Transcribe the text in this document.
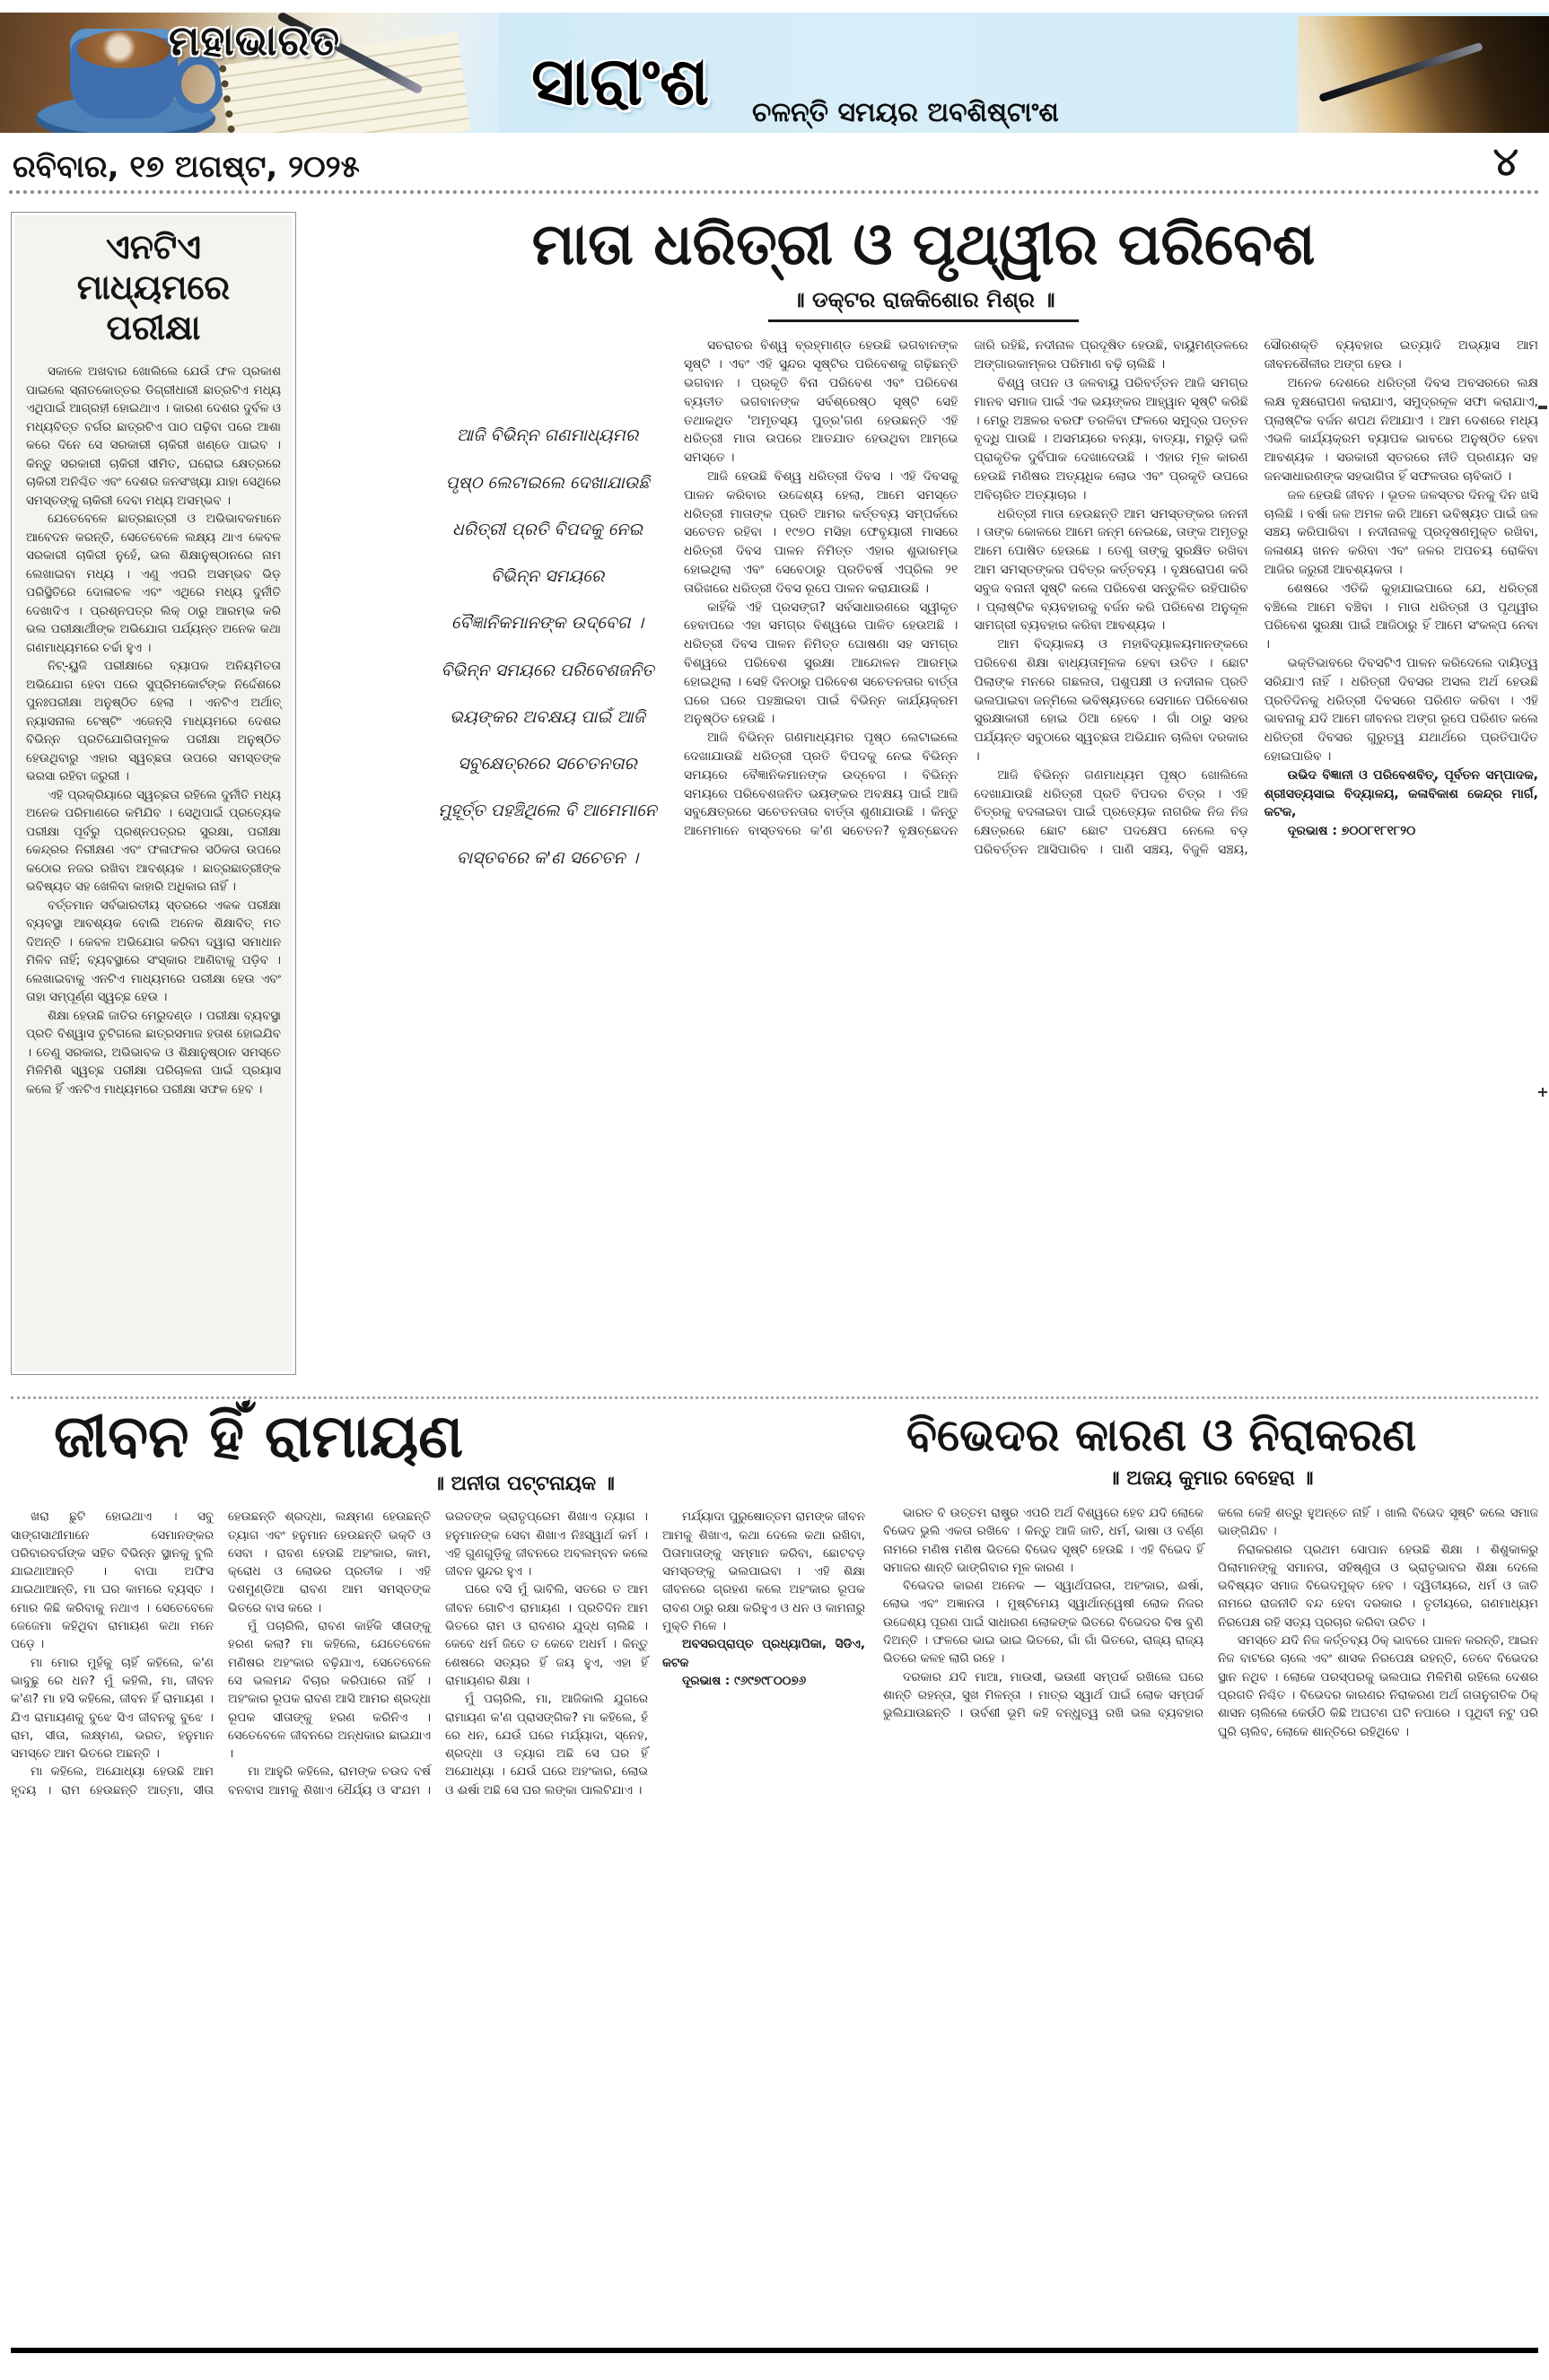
ମହାଭାରତ
ସାରାଂଶ ଚଳନ୍ତି ସମୟର ଅବଶିଷ୍ଟାଂଶ
ରବିବାର, ୧୭ ଅଗଷ୍ଟ, ୨୦୨୫	୪
ଏନଟିଏ ମାଧ୍ୟମରେ ପରୀକ୍ଷା

ସକାଳେ ଅଖବାର ଖୋଲିଲେ ଯେଉଁ ଫଳ ପ୍ରକାଶ ପାଇଲେ ସ୍ନାତକୋତ୍ତର ଡିଗ୍ରୀଧାରୀ ଛାତ୍ରଟିଏ ମଧ୍ୟ ଏଥିପାଇଁ ଆଗ୍ରହୀ ହୋଇଥାଏ । କାରଣ ଦେଶର ଦୁର୍ବଳ ଓ ମଧ୍ୟବିତ୍ତ ବର୍ଗର ଛାତ୍ରଟିଏ ପାଠ ପଢ଼ିବା ପରେ ଆଶା କରେ ଦିନେ ସେ ସରକାରୀ ଚାକିରୀ ଖଣ୍ଡେ ପାଇବ । କିନ୍ତୁ ସରକାରୀ ଚାକିରୀ ସୀମିତ, ଘରୋଇ କ୍ଷେତ୍ରରେ ଚାକିରୀ ଅନିଶ୍ଚିତ ଏବଂ ଦେଶର ଜନସଂଖ୍ୟା ଯାହା ସେଥିରେ ସମସ୍ତଙ୍କୁ ଚାକିରୀ ଦେବା ମଧ୍ୟ ଅସମ୍ଭବ ।

ଯେତେବେଳେ ଛାତ୍ରଛାତ୍ରୀ ଓ ଅଭିଭାବକମାନେ ଆବେଦନ କରନ୍ତି, ସେତେବେଳେ ଲକ୍ଷ୍ୟ ଥାଏ କେବଳ ସରକାରୀ ଚାକିରୀ ନୁହେଁ, ଭଲ ଶିକ୍ଷାନୁଷ୍ଠାନରେ ନାମ ଲେଖାଇବା ମଧ୍ୟ । ଏଣୁ ଏପରି ଅସମ୍ଭବ ଭିଡ଼ ପରିସ୍ଥିତିରେ ଦୋଳାଚଳ ଏବଂ ଏଥିରେ ମଧ୍ୟ ଦୁର୍ନୀତି ଦେଖାଦିଏ । ପ୍ରଶ୍ନପତ୍ର ଲିକ୍ ଠାରୁ ଆରମ୍ଭ କରି ଭଲ ପରୀକ୍ଷାର୍ଥୀଙ୍କ ଅଭିଯୋଗ ପର୍ଯ୍ୟନ୍ତ ଅନେକ କଥା ଗଣମାଧ୍ୟମରେ ଚର୍ଚ୍ଚା ହୁଏ ।

ନିଟ୍-ୟୁଜି ପରୀକ୍ଷାରେ ବ୍ୟାପକ ଅନିୟମିତତା ଅଭିଯୋଗ ହେବା ପରେ ସୁପ୍ରିମକୋର୍ଟଙ୍କ ନିର୍ଦ୍ଦେଶରେ ପୁନଃପରୀକ୍ଷା ଅନୁଷ୍ଠିତ ହେଲା । ଏନଟିଏ ଅର୍ଥାତ୍ ନ୍ୟାସନାଲ ଟେଷ୍ଟିଂ ଏଜେନ୍ସି ମାଧ୍ୟମରେ ଦେଶର ବିଭିନ୍ନ ପ୍ରତିଯୋଗିତାମୂଳକ ପରୀକ୍ଷା ଅନୁଷ୍ଠିତ ହେଉଥିବାରୁ ଏହାର ସ୍ୱଚ୍ଛତା ଉପରେ ସମସ୍ତଙ୍କ ଭରସା ରହିବା ଜରୁରୀ ।

ଏହି ପ୍ରକ୍ରିୟାରେ ସ୍ୱଚ୍ଛତା ରହିଲେ ଦୁର୍ନୀତି ମଧ୍ୟ ଅନେକ ପରିମାଣରେ କମିଯିବ । ସେଥିପାଇଁ ପ୍ରତ୍ୟେକ ପରୀକ୍ଷା ପୂର୍ବରୁ ପ୍ରଶ୍ନପତ୍ରର ସୁରକ୍ଷା, ପରୀକ୍ଷା କେନ୍ଦ୍ରର ନିରୀକ୍ଷଣ ଏବଂ ଫଳାଫଳର ସଠିକତା ଉପରେ କଠୋର ନଜର ରଖିବା ଆବଶ୍ୟକ । ଛାତ୍ରଛାତ୍ରୀଙ୍କ ଭବିଷ୍ୟତ ସହ ଖେଳିବା କାହାରି ଅଧିକାର ନାହିଁ ।

ବର୍ତ୍ତମାନ ସର୍ବଭାରତୀୟ ସ୍ତରରେ ଏକକ ପରୀକ୍ଷା ବ୍ୟବସ୍ଥା ଆବଶ୍ୟକ ବୋଲି ଅନେକ ଶିକ୍ଷାବିତ୍ ମତ ଦିଅନ୍ତି । କେବଳ ଅଭିଯୋଗ କରିବା ଦ୍ୱାରା ସମାଧାନ ମିଳିବ ନାହିଁ; ବ୍ୟବସ୍ଥାରେ ସଂସ୍କାର ଆଣିବାକୁ ପଡ଼ିବ । ଲେଖାଇବାକୁ ଏନଟିଏ ମାଧ୍ୟମରେ ପରୀକ୍ଷା ହେଉ ଏବଂ ତାହା ସମ୍ପୂର୍ଣ୍ଣ ସ୍ୱଚ୍ଛ ହେଉ ।

ଶିକ୍ଷା ହେଉଛି ଜାତିର ମେରୁଦଣ୍ଡ । ପରୀକ୍ଷା ବ୍ୟବସ୍ଥା ପ୍ରତି ବିଶ୍ୱାସ ତୁଟିଗଲେ ଛାତ୍ରସମାଜ ହତାଶ ହୋଇଯିବ । ତେଣୁ ସରକାର, ଅଭିଭାବକ ଓ ଶିକ୍ଷାନୁଷ୍ଠାନ ସମସ୍ତେ ମିଳିମିଶି ସ୍ୱଚ୍ଛ ପରୀକ୍ଷା ପରିଚାଳନା ପାଇଁ ପ୍ରୟାସ କଲେ ହିଁ ଏନଟିଏ ମାଧ୍ୟମରେ ପରୀକ୍ଷା ସଫଳ ହେବ ।

ମାତା ଧରିତ୍ରୀ ଓ ପୃଥ୍ୱୀର ପରିବେଶ
॥ ଡକ୍ଟର ରାଜକିଶୋର ମିଶ୍ର ॥
ଆଜି ବିଭିନ୍ନ ଗଣମାଧ୍ୟମର ପୃଷ୍ଠ ଲେଟାଇଲେ ଦେଖାଯାଉଛି ଧରିତ୍ରୀ ପ୍ରତି ବିପଦକୁ ନେଇ ବିଭିନ୍ନ ସମୟରେ ବୈଜ୍ଞାନିକମାନଙ୍କ ଉଦ୍ବେଗ । ବିଭିନ୍ନ ସମୟରେ ପରିବେଶଜନିତ ଭୟଙ୍କର ଅବକ୍ଷୟ ପାଇଁ ଆଜି ସବୁକ୍ଷେତ୍ରରେ ସଚେତନତାର ମୁହୂର୍ତ୍ତ ପହଞ୍ଚିଥିଲେ ବି ଆମେମାନେ ବାସ୍ତବରେ କ'ଣ ସଚେତନ ।

ସଚରାଚର ବିଶ୍ୱ ବ୍ରହ୍ମାଣ୍ଡ ହେଉଛି ଭଗବାନଙ୍କ ସୃଷ୍ଟି । ଏବଂ ଏହି ସୁନ୍ଦର ସୃଷ୍ଟିର ପରିବେଶକୁ ଗଢ଼ିଛନ୍ତି ଭଗବାନ । ପ୍ରକୃତି ବିନା ପରିବେଶ ଏବଂ ପରିବେଶ ବ୍ୟତୀତ ଭଗବାନଙ୍କ ସର୍ବଶ୍ରେଷ୍ଠ ସୃଷ୍ଟି ସେହି ତଥାକଥିତ 'ଅମୃତସ୍ୟ ପୁତ୍ର'ଗଣ ହେଉଛନ୍ତି ଏହି ଧରିତ୍ରୀ ମାତା ଉପରେ ଆତଯାତ ହେଉଥିବା ଆମ୍ଭେ ସମସ୍ତେ ।

ଆଜି ହେଉଛି ବିଶ୍ୱ ଧରିତ୍ରୀ ଦିବସ । ଏହି ଦିବସକୁ ପାଳନ କରିବାର ଉଦ୍ଦେଶ୍ୟ ହେଲା, ଆମେ ସମସ୍ତେ ଧରିତ୍ରୀ ମାତାଙ୍କ ପ୍ରତି ଆମର କର୍ତ୍ତବ୍ୟ ସମ୍ପର୍କରେ ସଚେତନ ରହିବା । ୧୯୭୦ ମସିହା ଫେବୃୟାରୀ ମାସରେ ଧରିତ୍ରୀ ଦିବସ ପାଳନ ନିମିତ୍ତ ଏହାର ଶୁଭାରମ୍ଭ ହୋଇଥିଲା ଏବଂ ସେବେଠାରୁ ପ୍ରତିବର୍ଷ ଏପ୍ରିଲ ୨୧ ତାରିଖରେ ଧରିତ୍ରୀ ଦିବସ ରୂପେ ପାଳନ କରାଯାଉଛି ।

କାହିଁକି ଏହି ପ୍ରସଙ୍ଗ? ସର୍ବସାଧାରଣରେ ସ୍ୱୀକୃତ ହେବାପରେ ଏହା ସମଗ୍ର ବିଶ୍ୱରେ ପାଳିତ ହେଉଅଛି । ଧରିତ୍ରୀ ଦିବସ ପାଳନ ନିମିତ୍ତ ଘୋଷଣା ସହ ସମଗ୍ର ବିଶ୍ୱରେ ପରିବେଶ ସୁରକ୍ଷା ଆନ୍ଦୋଳନ ଆରମ୍ଭ ହୋଇଥିଲା । ସେହି ଦିନଠାରୁ ପରିବେଶ ସଚେତନତାର ବାର୍ତ୍ତା ଘରେ ଘରେ ପହଞ୍ଚାଇବା ପାଇଁ ବିଭିନ୍ନ କାର୍ଯ୍ୟକ୍ରମ ଅନୁଷ୍ଠିତ ହେଉଛି ।

ଆଜି ବିଭିନ୍ନ ଗଣମାଧ୍ୟମର ପୃଷ୍ଠ ଲେଟାଇଲେ ଦେଖାଯାଉଛି ଧରିତ୍ରୀ ପ୍ରତି ବିପଦକୁ ନେଇ ବିଭିନ୍ନ ସମୟରେ ବୈଜ୍ଞାନିକମାନଙ୍କ ଉଦ୍ବେଗ । ବିଭିନ୍ନ ସମୟରେ ପରିବେଶଜନିତ ଭୟଙ୍କର ଅବକ୍ଷୟ ପାଇଁ ଆଜି ସବୁକ୍ଷେତ୍ରରେ ସଚେତନତାର ବାର୍ତ୍ତା ଶୁଣାଯାଉଛି । କିନ୍ତୁ ଆମେମାନେ ବାସ୍ତବରେ କ'ଣ ସଚେତନ? ବୃକ୍ଷଚ୍ଛେଦନ ଜାରି ରହିଛି, ନଦୀନାଳ ପ୍ରଦୂଷିତ ହେଉଛି, ବାୟୁମଣ୍ଡଳରେ ଅଙ୍ଗାରକାମ୍ଳର ପରିମାଣ ବଢ଼ି ଚାଲିଛି ।

ବିଶ୍ୱ ତାପନ ଓ ଜଳବାୟୁ ପରିବର୍ତ୍ତନ ଆଜି ସମଗ୍ର ମାନବ ସମାଜ ପାଇଁ ଏକ ଭୟଙ୍କର ଆହ୍ୱାନ ସୃଷ୍ଟି କରିଛି । ମେରୁ ଅଞ୍ଚଳର ବରଫ ତରଳିବା ଫଳରେ ସମୁଦ୍ର ପତ୍ତନ ବୃଦ୍ଧି ପାଉଛି । ଅସମୟରେ ବନ୍ୟା, ବାତ୍ୟା, ମରୁଡ଼ି ଭଳି ପ୍ରାକୃତିକ ଦୁର୍ବିପାକ ଦେଖାଦେଉଛି । ଏହାର ମୂଳ କାରଣ ହେଉଛି ମଣିଷର ଅତ୍ୟଧିକ ଲୋଭ ଏବଂ ପ୍ରକୃତି ଉପରେ ଅବିଚାରିତ ଅତ୍ୟାଚାର ।

ଧରିତ୍ରୀ ମାତା ହେଉଛନ୍ତି ଆମ ସମସ୍ତଙ୍କର ଜନନୀ । ତାଙ୍କ କୋଳରେ ଆମେ ଜନ୍ମ ନେଇଛେ, ତାଙ୍କ ଅମୃତରୁ ଆମେ ପୋଷିତ ହେଉଛେ । ତେଣୁ ତାଙ୍କୁ ସୁରକ୍ଷିତ ରଖିବା ଆମ ସମସ୍ତଙ୍କର ପବିତ୍ର କର୍ତ୍ତବ୍ୟ । ବୃକ୍ଷରୋପଣ କରି ସବୁଜ ବନାନୀ ସୃଷ୍ଟି କଲେ ପରିବେଶ ସନ୍ତୁଳିତ ରହିପାରିବ । ପ୍ଲାଷ୍ଟିକ ବ୍ୟବହାରକୁ ବର୍ଜନ କରି ପରିବେଶ ଅନୁକୂଳ ସାମଗ୍ରୀ ବ୍ୟବହାର କରିବା ଆବଶ୍ୟକ ।

ଆମ ବିଦ୍ୟାଳୟ ଓ ମହାବିଦ୍ୟାଳୟମାନଙ୍କରେ ପରିବେଶ ଶିକ୍ଷା ବାଧ୍ୟତାମୂଳକ ହେବା ଉଚିତ । ଛୋଟ ପିଲାଙ୍କ ମନରେ ଗଛଲତା, ପଶୁପକ୍ଷୀ ଓ ନଦୀନାଳ ପ୍ରତି ଭଲପାଇବା ଜନ୍ମିଲେ ଭବିଷ୍ୟତରେ ସେମାନେ ପରିବେଶର ସୁରକ୍ଷାକାରୀ ହୋଇ ଠିଆ ହେବେ । ଗାଁ ଠାରୁ ସହର ପର୍ଯ୍ୟନ୍ତ ସବୁଠାରେ ସ୍ୱଚ୍ଛତା ଅଭିଯାନ ଚାଲିବା ଦରକାର ।

ଆଜି ବିଭିନ୍ନ ଗଣମାଧ୍ୟମ ପୃଷ୍ଠ ଖୋଲିଲେ ଦେଖାଯାଉଛି ଧରିତ୍ରୀ ପ୍ରତି ବିପଦର ଚିତ୍ର । ଏହି ଚିତ୍ରକୁ ବଦଳାଇବା ପାଇଁ ପ୍ରତ୍ୟେକ ନାଗରିକ ନିଜ ନିଜ କ୍ଷେତ୍ରରେ ଛୋଟ ଛୋଟ ପଦକ୍ଷେପ ନେଲେ ବଡ଼ ପରିବର୍ତ୍ତନ ଆସିପାରିବ । ପାଣି ସଞ୍ଚୟ, ବିଜୁଳି ସଞ୍ଚୟ, ସୌରଶକ୍ତି ବ୍ୟବହାର ଇତ୍ୟାଦି ଅଭ୍ୟାସ ଆମ ଜୀବନଶୈଳୀର ଅଙ୍ଗ ହେଉ ।

ଅନେକ ଦେଶରେ ଧରିତ୍ରୀ ଦିବସ ଅବସରରେ ଲକ୍ଷ ଲକ୍ଷ ବୃକ୍ଷରୋପଣ କରାଯାଏ, ସମୁଦ୍ରକୂଳ ସଫା କରାଯାଏ, ପ୍ଲାଷ୍ଟିକ ବର୍ଜନ ଶପଥ ନିଆଯାଏ । ଆମ ଦେଶରେ ମଧ୍ୟ ଏଭଳି କାର୍ଯ୍ୟକ୍ରମ ବ୍ୟାପକ ଭାବରେ ଅନୁଷ୍ଠିତ ହେବା ଆବଶ୍ୟକ । ସରକାରୀ ସ୍ତରରେ ନୀତି ପ୍ରଣୟନ ସହ ଜନସାଧାରଣଙ୍କ ସହଭାଗିତା ହିଁ ସଫଳତାର ଚାବିକାଠି ।

ଜଳ ହେଉଛି ଜୀବନ । ଭୂତଳ ଜଳସ୍ତର ଦିନକୁ ଦିନ ଖସି ଚାଲିଛି । ବର୍ଷା ଜଳ ଅମଳ କରି ଆମେ ଭବିଷ୍ୟତ ପାଇଁ ଜଳ ସଞ୍ଚୟ କରିପାରିବା । ନଦୀନାଳକୁ ପ୍ରଦୂଷଣମୁକ୍ତ ରଖିବା, ଜଳାଶୟ ଖନନ କରିବା ଏବଂ ଜଳର ଅପଚୟ ରୋକିବା ଆଜିର ଜରୁରୀ ଆବଶ୍ୟକତା ।

ଶେଷରେ ଏତିକି କୁହାଯାଇପାରେ ଯେ, ଧରିତ୍ରୀ ବଞ୍ଚିଲେ ଆମେ ବଞ୍ଚିବା । ମାତା ଧରିତ୍ରୀ ଓ ପୃଥ୍ୱୀର ପରିବେଶ ସୁରକ୍ଷା ପାଇଁ ଆଜିଠାରୁ ହିଁ ଆମେ ସଂକଳ୍ପ ନେବା ।

ଭକ୍ତିଭାବରେ ଦିବସଟିଏ ପାଳନ କରିଦେଲେ ଦାୟିତ୍ୱ ସରିଯାଏ ନାହିଁ । ଧରିତ୍ରୀ ଦିବସର ଅସଲ ଅର୍ଥ ହେଉଛି ପ୍ରତିଦିନକୁ ଧରିତ୍ରୀ ଦିବସରେ ପରିଣତ କରିବା । ଏହି ଭାବନାକୁ ଯଦି ଆମେ ଜୀବନର ଅଙ୍ଗ ରୂପେ ପରିଣତ କଲେ ଧରିତ୍ରୀ ଦିବସର ଗୁରୁତ୍ୱ ଯଥାର୍ଥରେ ପ୍ରତିପାଦିତ ହୋଇପାରିବ ।

ଉଭିଦ ବିଜ୍ଞାନୀ ଓ ପରିବେଶବିତ୍, ପୂର୍ବତନ ସମ୍ପାଦକ, ଶ୍ରୀସତ୍ୟସାଇ ବିଦ୍ୟାଳୟ, କଳାବିକାଶ କେନ୍ଦ୍ର ମାର୍ଗ, କଟକ,

ଦୂରଭାଷ : ୭୦୦୮୧୮୧୮୨୦

ଜୀବନ ହିଁ ରାମାୟଣ
॥ ଅନୀତା ପଟ୍ଟନାୟକ ॥

ଖରା ଛୁଟି ହୋଇଥାଏ । ସବୁ ସାଙ୍ଗସାଥୀମାନେ ସେମାନଙ୍କର ପରିବାରବର୍ଗଙ୍କ ସହିତ ବିଭିନ୍ନ ସ୍ଥାନକୁ ବୁଲି ଯାଇଥାଆନ୍ତି । ବାପା ଅଫିସ ଯାଇଥାଆନ୍ତି, ମା ଘର କାମରେ ବ୍ୟସ୍ତ । ମୋର କିଛି କରିବାକୁ ନଥାଏ । ସେତେବେଳେ ଜେଜେମା କହିଥିବା ରାମାୟଣ କଥା ମନେ ପଡ଼େ ।

ମା ମୋର ମୁହଁକୁ ଚାହିଁ କହିଲେ, କ'ଣ ଭାବୁଛୁ ରେ ଧନ? ମୁଁ କହିଲି, ମା, ଜୀବନ କ'ଣ? ମା ହସି କହିଲେ, ଜୀବନ ହିଁ ରାମାୟଣ । ଯିଏ ରାମାୟଣକୁ ବୁଝେ ସିଏ ଜୀବନକୁ ବୁଝେ । ରାମ, ସୀତା, ଲକ୍ଷ୍ମଣ, ଭରତ, ହନୁମାନ ସମସ୍ତେ ଆମ ଭିତରେ ଅଛନ୍ତି ।

ମା କହିଲେ, ଅଯୋଧ୍ୟା ହେଉଛି ଆମ ହୃଦୟ । ରାମ ହେଉଛନ୍ତି ଆତ୍ମା, ସୀତା ହେଉଛନ୍ତି ଶ୍ରଦ୍ଧା, ଲକ୍ଷ୍ମଣ ହେଉଛନ୍ତି ତ୍ୟାଗ ଏବଂ ହନୁମାନ ହେଉଛନ୍ତି ଭକ୍ତି ଓ ସେବା । ରାବଣ ହେଉଛି ଅହଂକାର, କାମ, କ୍ରୋଧ ଓ ଲୋଭର ପ୍ରତୀକ । ଏହି ଦଶମୁଣ୍ଡିଆ ରାବଣ ଆମ ସମସ୍ତଙ୍କ ଭିତରେ ବାସ କରେ ।

ମୁଁ ପଚାରିଲି, ରାବଣ କାହିଁକି ସୀତାଙ୍କୁ ହରଣ କଲା? ମା କହିଲେ, ଯେତେବେଳେ ମଣିଷର ଅହଂକାର ବଢ଼ିଯାଏ, ସେତେବେଳେ ସେ ଭଲମନ୍ଦ ବିଚାର କରିପାରେ ନାହିଁ । ଅହଂକାର ରୂପକ ରାବଣ ଆସି ଆମର ଶ୍ରଦ୍ଧା ରୂପକ ସୀତାଙ୍କୁ ହରଣ କରିନିଏ । ସେତେବେଳେ ଜୀବନରେ ଅନ୍ଧକାର ଛାଇଯାଏ ।

ମା ଆହୁରି କହିଲେ, ରାମଙ୍କ ଚଉଦ ବର୍ଷ ବନବାସ ଆମକୁ ଶିଖାଏ ଧୈର୍ଯ୍ୟ ଓ ସଂଯମ । ଭରତଙ୍କ ଭ୍ରାତୃପ୍ରେମ ଶିଖାଏ ତ୍ୟାଗ । ହନୁମାନଙ୍କ ସେବା ଶିଖାଏ ନିଃସ୍ୱାର୍ଥ କର୍ମ । ଏହି ଗୁଣଗୁଡ଼ିକୁ ଜୀବନରେ ଅବଲମ୍ବନ କଲେ ଜୀବନ ସୁନ୍ଦର ହୁଏ ।

ଘରେ ବସି ମୁଁ ଭାବିଲି, ସତରେ ତ ଆମ ଜୀବନ ଗୋଟିଏ ରାମାୟଣ । ପ୍ରତିଦିନ ଆମ ଭିତରେ ରାମ ଓ ରାବଣର ଯୁଦ୍ଧ ଚାଲିଛି । କେବେ ଧର୍ମ ଜିତେ ତ କେବେ ଅଧର୍ମ । କିନ୍ତୁ ଶେଷରେ ସତ୍ୟର ହିଁ ଜୟ ହୁଏ, ଏହା ହିଁ ରାମାୟଣର ଶିକ୍ଷା ।

ମୁଁ ପଚାରିଲି, ମା, ଆଜିକାଲି ଯୁଗରେ ରାମାୟଣ କ'ଣ ପ୍ରାସଙ୍ଗିକ? ମା କହିଲେ, ହଁ ରେ ଧନ, ଯେଉଁ ଘରେ ମର୍ଯ୍ୟାଦା, ସ୍ନେହ, ଶ୍ରଦ୍ଧା ଓ ତ୍ୟାଗ ଅଛି ସେ ଘର ହିଁ ଅଯୋଧ୍ୟା । ଯେଉଁ ଘରେ ଅହଂକାର, ଲୋଭ ଓ ଈର୍ଷା ଅଛି ସେ ଘର ଲଙ୍କା ପାଲଟିଯାଏ ।

ମର୍ଯ୍ୟାଦା ପୁରୁଷୋତ୍ତମ ରାମଙ୍କ ଜୀବନ ଆମକୁ ଶିଖାଏ, କଥା ଦେଲେ କଥା ରଖିବା, ପିତାମାତାଙ୍କୁ ସମ୍ମାନ କରିବା, ଛୋଟବଡ଼ ସମସ୍ତଙ୍କୁ ଭଲପାଇବା । ଏହି ଶିକ୍ଷା ଜୀବନରେ ଗ୍ରହଣ କଲେ ଅହଂକାର ରୂପକ ରାବଣ ଠାରୁ ରକ୍ଷା କରିହୁଏ ଓ ଧନ ଓ କାମନାରୁ ମୁକ୍ତି ମିଳେ ।

ଅବସରପ୍ରାପ୍ତ ପ୍ରଧ୍ୟାପିକା, ସିଡିଏ, କଟକ

ଦୂରଭାଷ : ୯୬୯୭୯୮୦୦୭୬

ବିଭେଦର କାରଣ ଓ ନିରାକରଣ
॥ ଅଜୟ କୁମାର ବେହେରା ॥

ଭାରତ ବି ଉତ୍ତମ ରାଷ୍ଟ୍ର ଏପରି ଅର୍ଥ ବିଶ୍ୱରେ ହେବ ଯଦି ଲୋକେ ବିଭେଦ ଭୁଲି ଏକତା ରଖିବେ । କିନ୍ତୁ ଆଜି ଜାତି, ଧର୍ମ, ଭାଷା ଓ ବର୍ଣ୍ଣ ନାମରେ ମଣିଷ ମଣିଷ ଭିତରେ ବିଭେଦ ସୃଷ୍ଟି ହେଉଛି । ଏହି ବିଭେଦ ହିଁ ସମାଜର ଶାନ୍ତି ଭାଙ୍ଗିବାର ମୂଳ କାରଣ ।

ବିଭେଦର କାରଣ ଅନେକ — ସ୍ୱାର୍ଥପରତା, ଅହଂକାର, ଈର୍ଷା, ଲୋଭ ଏବଂ ଅଜ୍ଞାନତା । ମୁଷ୍ଟିମେୟ ସ୍ୱାର୍ଥାନ୍ୱେଷୀ ଲୋକ ନିଜର ଉଦ୍ଦେଶ୍ୟ ପୂରଣ ପାଇଁ ସାଧାରଣ ଲୋକଙ୍କ ଭିତରେ ବିଭେଦର ବିଷ ବୁଣି ଦିଅନ୍ତି । ଫଳରେ ଭାଇ ଭାଇ ଭିତରେ, ଗାଁ ଗାଁ ଭିତରେ, ରାଜ୍ୟ ରାଜ୍ୟ ଭିତରେ କଳହ ଲାଗି ରହେ ।

ଦରକାର ଯଦି ମାଆ, ମାଉସୀ, ଭଉଣୀ ସମ୍ପର୍କ ରଖିଲେ ଘରେ ଶାନ୍ତି ରହନ୍ତା, ସୁଖ ମିଳନ୍ତା । ମାତ୍ର ସ୍ୱାର୍ଥ ପାଇଁ ଲୋକ ସମ୍ପର୍କ ଭୁଲିଯାଉଛନ୍ତି । ଉର୍ବଶୀ ଭୂମି କହି ବନ୍ଧୁତ୍ୱ ରଖି ଭଲ ବ୍ୟବହାର କଲେ କେହି ଶତ୍ରୁ ହୁଅନ୍ତେ ନାହିଁ । ଖାଲି ବିଭେଦ ସୃଷ୍ଟି କଲେ ସମାଜ ଭାଙ୍ଗିଯିବ ।

ନିରାକରଣର ପ୍ରଥମ ସୋପାନ ହେଉଛି ଶିକ୍ଷା । ଶିଶୁକାଳରୁ ପିଲାମାନଙ୍କୁ ସମାନତା, ସହିଷ୍ଣୁତା ଓ ଭ୍ରାତୃଭାବର ଶିକ୍ଷା ଦେଲେ ଭବିଷ୍ୟତ ସମାଜ ବିଭେଦମୁକ୍ତ ହେବ । ଦ୍ୱିତୀୟରେ, ଧର୍ମ ଓ ଜାତି ନାମରେ ରାଜନୀତି ବନ୍ଦ ହେବା ଦରକାର । ତୃତୀୟରେ, ଗଣମାଧ୍ୟମ ନିରପେକ୍ଷ ରହି ସତ୍ୟ ପ୍ରଚାର କରିବା ଉଚିତ ।

ସମସ୍ତେ ଯଦି ନିଜ କର୍ତ୍ତବ୍ୟ ଠିକ୍ ଭାବରେ ପାଳନ କରନ୍ତି, ଆଇନ ନିଜ ବାଟରେ ଚାଲେ ଏବଂ ଶାସକ ନିରପେକ୍ଷ ରହନ୍ତି, ତେବେ ବିଭେଦର ସ୍ଥାନ ନଥିବ । ଲୋକେ ପରସ୍ପରକୁ ଭଲପାଇ ମିଳିମିଶି ରହିଲେ ଦେଶର ପ୍ରଗତି ନିଶ୍ଚିତ । ବିଭେଦର କାରଣର ନିରାକରଣ ଅର୍ଥ ଗତାନୁଗତିକ ଠିକ୍ ଶାସନ ଚାଲିଲେ କେଉଁଠି କିଛି ଅଘଟଣ ଘଟି ନପାରେ । ପୃଥିବୀ ନଟୁ ପରି ଘୁରି ଚାଲିବ, ଲୋକେ ଶାନ୍ତିରେ ରହିଥିବେ ।
